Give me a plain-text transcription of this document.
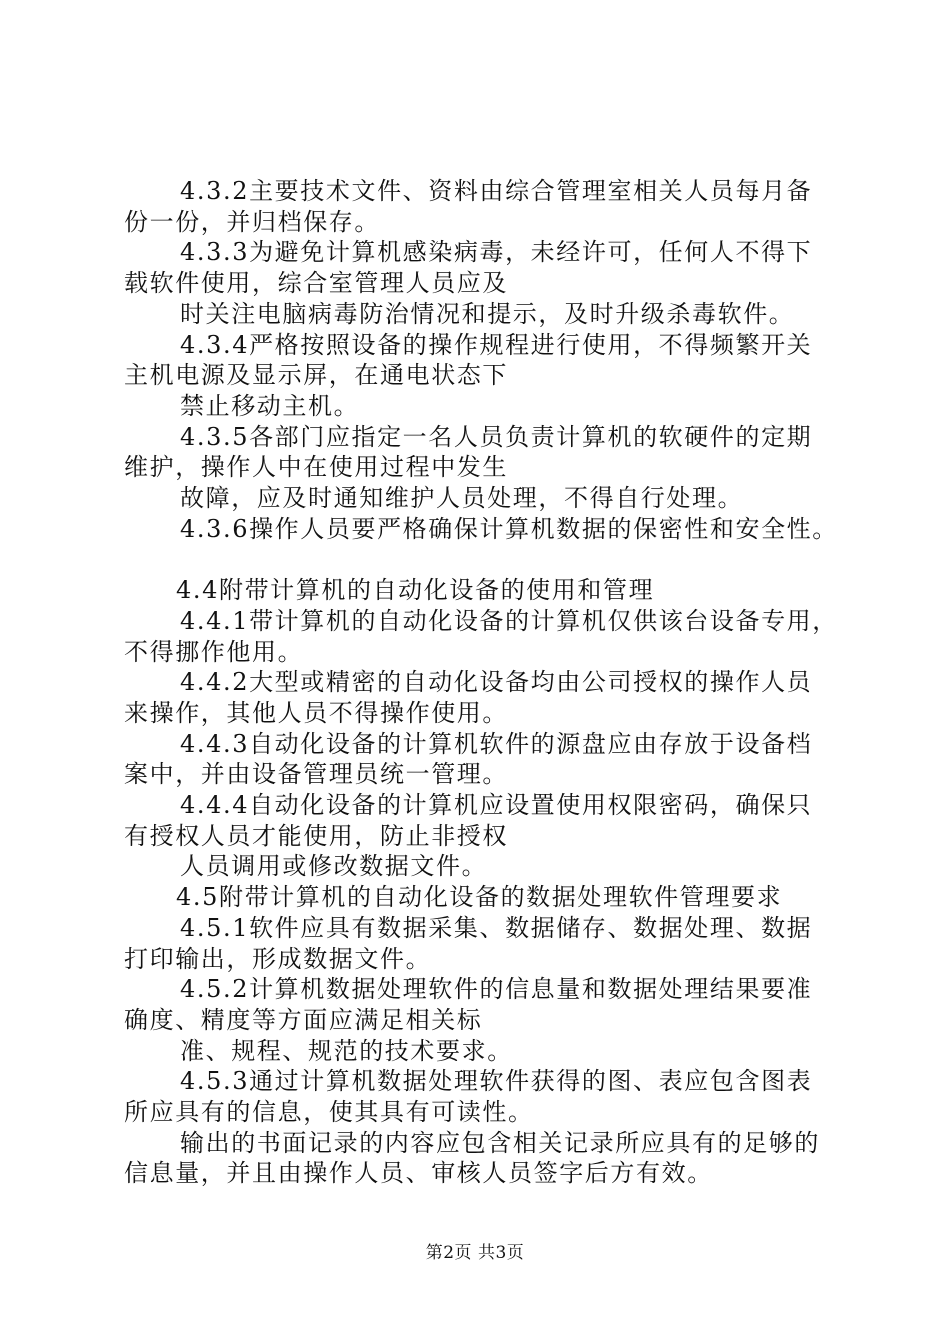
4.3.2主要技术文件、资料由综合管理室相关人员每月备
份一份，并归档保存。
4.3.3为避免计算机感染病毒，未经许可，任何人不得下
载软件使用，综合室管理人员应及
时关注电脑病毒防治情况和提示，及时升级杀毒软件。
4.3.4严格按照设备的操作规程进行使用，不得频繁开关
主机电源及显示屏，在通电状态下
禁止移动主机。
4.3.5各部门应指定一名人员负责计算机的软硬件的定期
维护，操作人中在使用过程中发生
故障，应及时通知维护人员处理，不得自行处理。
4.3.6操作人员要严格确保计算机数据的保密性和安全性。
4.4附带计算机的自动化设备的使用和管理
4.4.1带计算机的自动化设备的计算机仅供该台设备专用，
不得挪作他用。
4.4.2大型或精密的自动化设备均由公司授权的操作人员
来操作，其他人员不得操作使用。
4.4.3自动化设备的计算机软件的源盘应由存放于设备档
案中，并由设备管理员统一管理。
4.4.4自动化设备的计算机应设置使用权限密码，确保只
有授权人员才能使用，防止非授权
人员调用或修改数据文件。
4.5附带计算机的自动化设备的数据处理软件管理要求
4.5.1软件应具有数据采集、数据储存、数据处理、数据
打印输出，形成数据文件。
4.5.2计算机数据处理软件的信息量和数据处理结果要准
确度、精度等方面应满足相关标
准、规程、规范的技术要求。
4.5.3通过计算机数据处理软件获得的图、表应包含图表
所应具有的信息，使其具有可读性。
输出的书面记录的内容应包含相关记录所应具有的足够的
信息量，并且由操作人员、审核人员签字后方有效。
第2页 共3页
